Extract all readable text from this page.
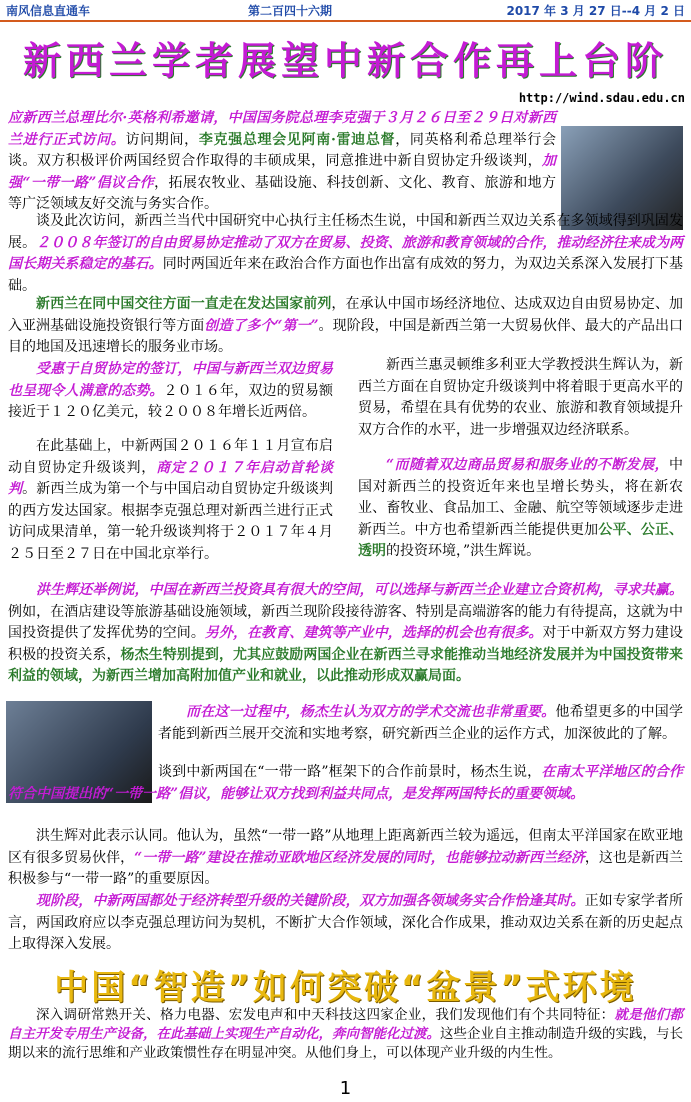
南风信息直通车	第二百四十六期	2017 年 3 月 27 日--4 月 2 日
新西兰学者展望中新合作再上台阶
http://wind.sdau.edu.cn
应新西兰总理比尔·英格利希邀请，中国国务院总理李克强于３月２６日至２９日对新西兰进行正式访问。访问期间，李克强总理会见阿南·雷迪总督，同英格利希总理举行会谈。双方积极评价两国经贸合作取得的丰硕成果，同意推进中新自贸协定升级谈判，加强“一带一路”倡议合作，拓展农牧业、基础设施、科技创新、文化、教育、旅游和地方等广泛领域友好交流与务实合作。
谈及此次访问，新西兰当代中国研究中心执行主任杨杰生说，中国和新西兰双边关系在多领域得到巩固发展。２００８年签订的自由贸易协定推动了双方在贸易、投资、旅游和教育领域的合作，推动经济往来成为两国长期关系稳定的基石。同时两国近年来在政治合作方面也作出富有成效的努力，为双边关系深入发展打下基础。
新西兰在同中国交往方面一直走在发达国家前列，在承认中国市场经济地位、达成双边自由贸易协定、加入亚洲基础设施投资银行等方面创造了多个“第一”。现阶段，中国是新西兰第一大贸易伙伴、最大的产品出口目的地国及迅速增长的服务业市场。
受惠于自贸协定的签订，中国与新西兰双边贸易也呈现令人满意的态势。２０１６年，双边的贸易额接近于１２０亿美元，较２００８年增长近两倍。
在此基础上，中新两国２０１６年１１月宣布启动自贸协定升级谈判，商定２０１７年启动首轮谈判。新西兰成为第一个与中国启动自贸协定升级谈判的西方发达国家。根据李克强总理对新西兰进行正式访问成果清单，第一轮升级谈判将于２０１７年４月２５日至２７日在中国北京举行。
新西兰惠灵顿维多利亚大学教授洪生辉认为，新西兰方面在自贸协定升级谈判中将着眼于更高水平的贸易，希望在具有优势的农业、旅游和教育领域提升双方合作的水平，进一步增强双边经济联系。
“而随着双边商品贸易和服务业的不断发展，中国对新西兰的投资近年来也呈增长势头，将在新农业、畜牧业、食品加工、金融、航空等领域逐步走进新西兰。中方也希望新西兰能提供更加公平、公正、透明的投资环境，”洪生辉说。
洪生辉还举例说，中国在新西兰投资具有很大的空间，可以选择与新西兰企业建立合资机构，寻求共赢。例如，在酒店建设等旅游基础设施领域，新西兰现阶段接待游客、特别是高端游客的能力有待提高，这就为中国投资提供了发挥优势的空间。另外，在教育、建筑等产业中，选择的机会也有很多。对于中新双方努力建设积极的投资关系，杨杰生特别提到，尤其应鼓励两国企业在新西兰寻求能推动当地经济发展并为中国投资带来利益的领域，为新西兰增加高附加值产业和就业，以此推动形成双赢局面。
而在这一过程中，杨杰生认为双方的学术交流也非常重要。他希望更多的中国学者能到新西兰展开交流和实地考察，研究新西兰企业的运作方式，加深彼此的了解。
谈到中新两国在“一带一路”框架下的合作前景时，杨杰生说，在南太平洋地区的合作符合中国提出的“一带一路”倡议，能够让双方找到利益共同点，是发挥两国特长的重要领域。
洪生辉对此表示认同。他认为，虽然“一带一路”从地理上距离新西兰较为遥远，但南太平洋国家在欧亚地区有很多贸易伙伴，“一带一路”建设在推动亚欧地区经济发展的同时，也能够拉动新西兰经济，这也是新西兰积极参与“一带一路”的重要原因。
现阶段，中新两国都处于经济转型升级的关键阶段，双方加强各领域务实合作恰逢其时。正如专家学者所言，两国政府应以李克强总理访问为契机，不断扩大合作领域，深化合作成果，推动双边关系在新的历史起点上取得深入发展。
中国“智造”如何突破“盆景”式环境
1
深入调研常熟开关、格力电器、宏发电声和中天科技这四家企业，我们发现他们有个共同特征：就是他们都自主开发专用生产设备，在此基础上实现生产自动化，奔向智能化过渡。这些企业自主推动制造升级的实践，与长期以来的流行思维和产业政策惯性存在明显冲突。从他们身上，可以体现产业升级的内生性。
